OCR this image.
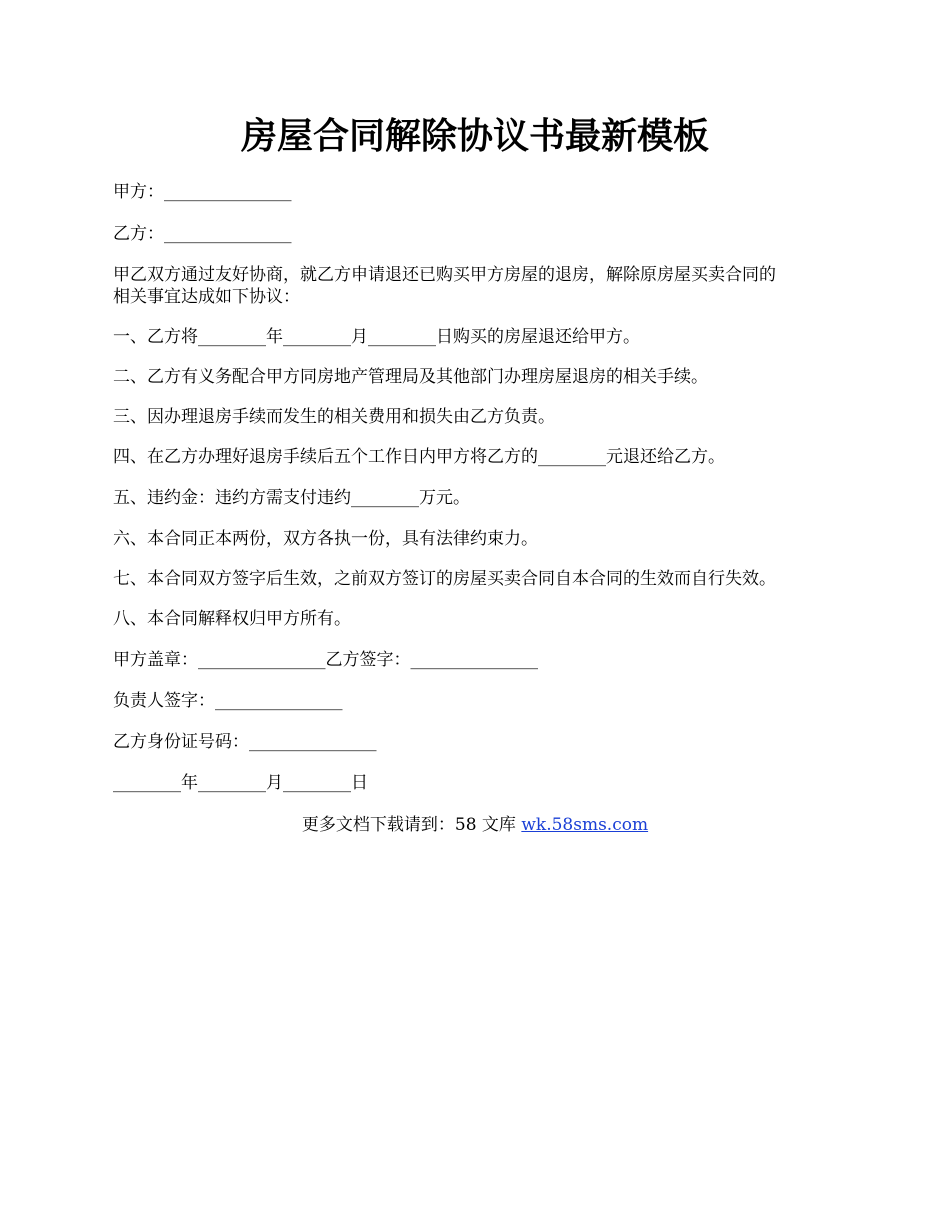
房屋合同解除协议书最新模板
甲方：_______________
乙方：_______________
甲乙双方通过友好协商，就乙方申请退还已购买甲方房屋的退房，解除原房屋买卖合同的
相关事宜达成如下协议：
一、乙方将________年________月________日购买的房屋退还给甲方。
二、乙方有义务配合甲方同房地产管理局及其他部门办理房屋退房的相关手续。
三、因办理退房手续而发生的相关费用和损失由乙方负责。
四、在乙方办理好退房手续后五个工作日内甲方将乙方的________元退还给乙方。
五、违约金：违约方需支付违约________万元。
六、本合同正本两份，双方各执一份，具有法律约束力。
七、本合同双方签字后生效，之前双方签订的房屋买卖合同自本合同的生效而自行失效。
八、本合同解释权归甲方所有。
甲方盖章：_______________乙方签字：_______________
负责人签字：_______________
乙方身份证号码：_______________
________年________月________日
更多文档下载请到：58 文库 wk.58sms.com
